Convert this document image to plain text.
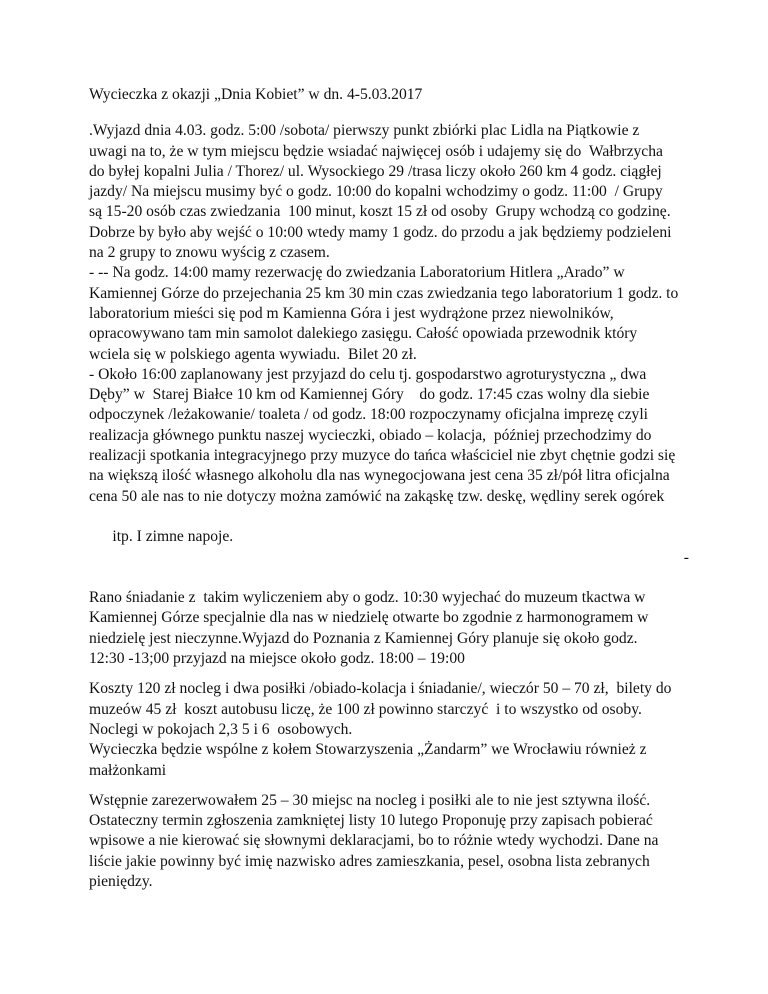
Wycieczka z okazji „Dnia Kobiet” w dn. 4-5.03.2017
.Wyjazd dnia 4.03. godz. 5:00 /sobota/ pierwszy punkt zbiórki plac Lidla na Piątkowie z
uwagi na to, że w tym miejscu będzie wsiadać najwięcej osób i udajemy się do  Wałbrzycha
do byłej kopalni Julia / Thorez/ ul. Wysockiego 29 /trasa liczy około 260 km 4 godz. ciągłej
jazdy/ Na miejscu musimy być o godz. 10:00 do kopalni wchodzimy o godz. 11:00  / Grupy
są 15-20 osób czas zwiedzania  100 minut, koszt 15 zł od osoby  Grupy wchodzą co godzinę.
Dobrze by było aby wejść o 10:00 wtedy mamy 1 godz. do przodu a jak będziemy podzieleni
na 2 grupy to znowu wyścig z czasem.
- -- Na godz. 14:00 mamy rezerwację do zwiedzania Laboratorium Hitlera „Arado” w
Kamiennej Górze do przejechania 25 km 30 min czas zwiedzania tego laboratorium 1 godz. to
laboratorium mieści się pod m Kamienna Góra i jest wydrążone przez niewolników,
opracowywano tam min samolot dalekiego zasięgu. Całość opowiada przewodnik który
wciela się w polskiego agenta wywiadu.  Bilet 20 zł.
- Około 16:00 zaplanowany jest przyjazd do celu tj. gospodarstwo agroturystyczna „ dwa
Dęby” w  Starej Białce 10 km od Kamiennej Góry    do godz. 17:45 czas wolny dla siebie
odpoczynek /leżakowanie/ toaleta / od godz. 18:00 rozpoczynamy oficjalna imprezę czyli
realizacja głównego punktu naszej wycieczki, obiado – kolacja,  później przechodzimy do
realizacji spotkania integracyjnego przy muzyce do tańca właściciel nie zbyt chętnie godzi się
na większą ilość własnego alkoholu dla nas wynegocjowana jest cena 35 zł/pół litra oficjalna
cena 50 ale nas to nie dotyczy można zamówić na zakąskę tzw. deskę, wędliny serek ogórek

itp. I zimne napoje.

-

Rano śniadanie z  takim wyliczeniem aby o godz. 10:30 wyjechać do muzeum tkactwa w
Kamiennej Górze specjalnie dla nas w niedzielę otwarte bo zgodnie z harmonogramem w
niedzielę jest nieczynne.Wyjazd do Poznania z Kamiennej Góry planuje się około godz.
12:30 -13;00 przyjazd na miejsce około godz. 18:00 – 19:00
Koszty 120 zł nocleg i dwa posiłki /obiado-kolacja i śniadanie/, wieczór 50 – 70 zł,  bilety do
muzeów 45 zł  koszt autobusu liczę, że 100 zł powinno starczyć  i to wszystko od osoby.
Noclegi w pokojach 2,3 5 i 6  osobowych.
Wycieczka będzie wspólne z kołem Stowarzyszenia „Żandarm” we Wrocławiu również z
małżonkami
Wstępnie zarezerwowałem 25 – 30 miejsc na nocleg i posiłki ale to nie jest sztywna ilość.
Ostateczny termin zgłoszenia zamkniętej listy 10 lutego Proponuję przy zapisach pobierać
wpisowe a nie kierować się słownymi deklaracjami, bo to różnie wtedy wychodzi. Dane na
liście jakie powinny być imię nazwisko adres zamieszkania, pesel, osobna lista zebranych
pieniędzy.
